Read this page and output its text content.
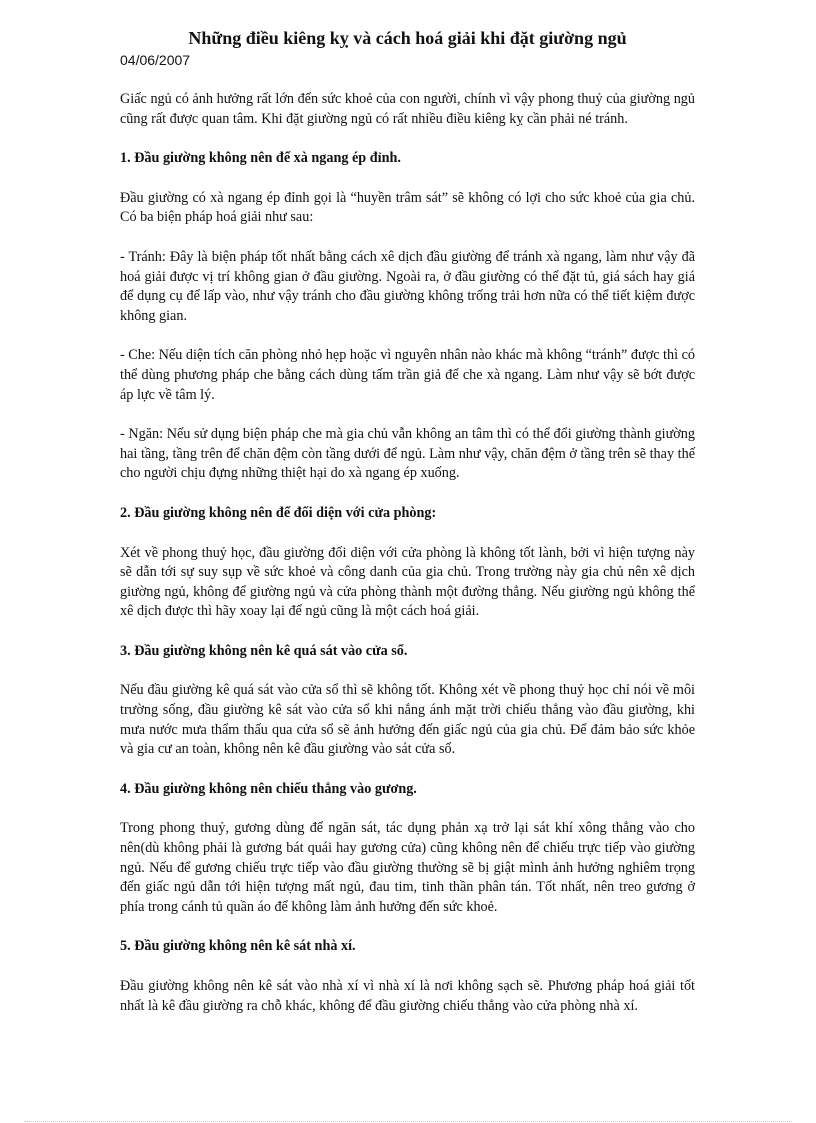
Những điều kiêng kỵ và cách hoá giải khi đặt giường ngủ
04/06/2007

Giấc ngủ có ảnh hưởng rất lớn đến sức khoẻ của con người, chính vì vậy phong thuỷ của giường ngủ cũng rất được quan tâm. Khi đặt giường ngủ có rất nhiều điều kiêng kỵ cần phải né tránh.

1. Đầu giường không nên để xà ngang ép đỉnh.

Đầu giường có xà ngang ép đỉnh gọi là “huyền trâm sát” sẽ không có lợi cho sức khoẻ của gia chủ. Có ba biện pháp hoá giải như sau:

- Tránh: Đây là biện pháp tốt nhất bằng cách xê dịch đầu giường để tránh xà ngang, làm như vậy đã hoá giải được vị trí không gian ở đầu giường. Ngoài ra, ở đầu giường có thể đặt tủ, giá sách hay giá để dụng cụ để lấp vào, như vậy tránh cho đầu giường không trống trải hơn nữa có thể tiết kiệm được không gian.

- Che: Nếu diện tích căn phòng nhỏ hẹp hoặc vì nguyên nhân nào khác mà không “tránh” được thì có thể dùng phương pháp che bằng cách dùng tấm trần giả để che xà ngang. Làm như vậy sẽ bớt được áp lực về tâm lý.

- Ngăn: Nếu sử dụng biện pháp che mà gia chủ vẫn không an tâm thì có thể đổi giường thành giường hai tầng, tầng trên để chăn đệm còn tầng dưới để ngủ. Làm như vậy, chăn đệm ở tầng trên sẽ thay thế cho người chịu đựng những thiệt hại do xà ngang ép xuống.

2. Đầu giường không nên để đối diện với cửa phòng:

Xét về phong thuỷ học, đầu giường đối diện với cửa phòng là không tốt lành, bởi vì hiện tượng này sẽ dẫn tới sự suy sụp về sức khoẻ và công danh của gia chủ. Trong trường này gia chủ nên xê dịch giường ngủ, không để giường ngủ và cửa phòng thành một đường thẳng. Nếu giường ngủ không thể xê dịch được thì hãy xoay lại để ngủ cũng là một cách hoá giải.

3. Đầu giường không nên kê quá sát vào cửa sổ.

Nếu đầu giường kê quá sát vào cửa sổ thì sẽ không tốt. Không xét về phong thuỷ học chỉ nói về môi trường sống, đầu giường kê sát vào cửa sổ khi nắng ánh mặt trời chiếu thẳng vào đầu giường, khi mưa nước mưa thẩm thấu qua cửa sổ sẽ ảnh hưởng đến giấc ngủ của gia chủ. Để đảm bảo sức khỏe và gia cư an toàn, không nên kê đầu giường vào sát cửa sổ.

4. Đầu giường không nên chiếu thẳng vào gương.

Trong phong thuỷ, gương dùng để ngăn sát, tác dụng phản xạ trở lại sát khí xông thẳng vào cho nên(dù không phải là gương bát quái hay gương cửa) cũng không nên để chiếu trực tiếp vào giường ngủ. Nếu để gương chiếu trực tiếp vào đầu giường thường sẽ bị giật mình ảnh hưởng nghiêm trọng đến giấc ngủ dẫn tới hiện tượng mất ngủ, đau tim, tinh thần phân tán. Tốt nhất, nên treo gương ở phía trong cánh tủ quần áo để không làm ảnh hưởng đến sức khoẻ.

5. Đầu giường không nên kê sát nhà xí.

Đầu giường không nên kê sát vào nhà xí vì nhà xí là nơi không sạch sẽ. Phương pháp hoá giải tốt nhất là kê đầu giường ra chỗ khác, không để đầu giường chiếu thẳng vào cửa phòng nhà xí.
